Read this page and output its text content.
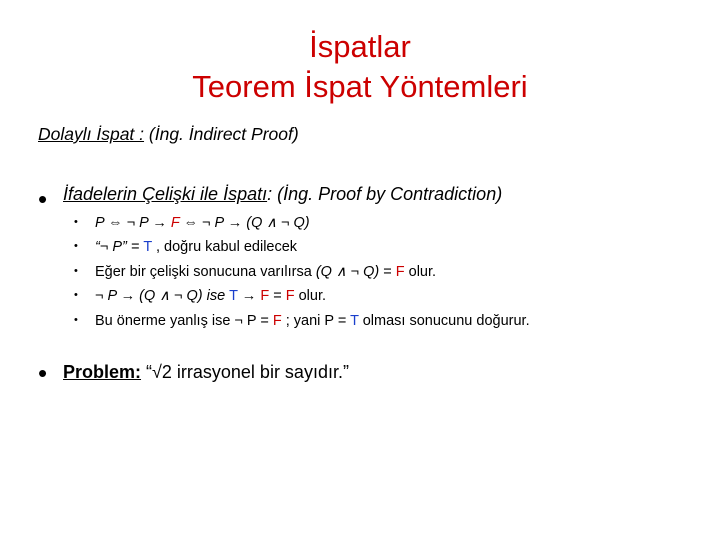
İspatlar
Teorem İspat Yöntemleri
Dolaylı İspat : (İng. İndirect Proof)
• İfadelerin Çelişki ile İspatı: (İng. Proof by Contradiction)
• P ⇔ ¬ P → F ⇔ ¬ P → (Q ∧ ¬ Q)
• “¬ P” = T , doğru kabul edilecek
• Eğer bir çelişki sonucuna varılırsa (Q ∧ ¬ Q) = F olur.
• ¬ P → (Q ∧ ¬ Q) ise T → F = F olur.
• Bu önerme yanlış ise ¬ P = F ; yani P = T olması sonucunu doğurur.
• Problem: “√2 irrasyonel bir sayıdır.”
